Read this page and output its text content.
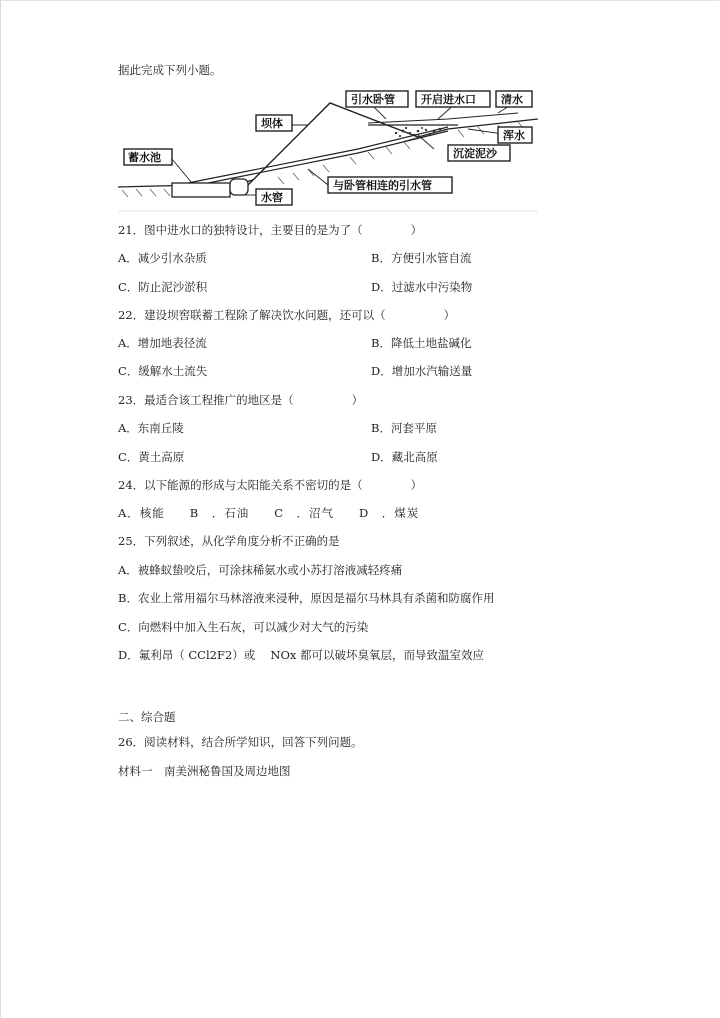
据此完成下列小题。
引水卧管 开启进水口 清水
坝体
浑水
蓄水池	沉淀泥沙
与卧管相连的引水管
水窖
21．图中进水口的独特设计，主要目的是为了（	）
A．减少引水杂质	B．方便引水管自流
C．防止泥沙淤积	D．过滤水中污染物
22．建设坝窖联蓄工程除了解决饮水问题，还可以（	）
A．增加地表径流	B．降低土地盐碱化
C．缓解水土流失	D．增加水汽输送量
23．最适合该工程推广的地区是（	）
A．东南丘陵	B．河套平原
C．黄土高原	D．藏北高原
24．以下能源的形成与太阳能关系不密切的是（	）
A．核能　　B　．石油　　C　．沼气　　D　．煤炭
25．下列叙述，从化学角度分析不正确的是
A．被蜂蚁蛰咬后，可涂抹稀氨水或小苏打溶液减轻疼痛
B．农业上常用福尔马林溶液来浸种，原因是福尔马林具有杀菌和防腐作用
C．向燃料中加入生石灰，可以减少对大气的污染
D．氟利昂（ CCl2F2）或　 NOx 都可以破坏臭氧层，而导致温室效应
二、综合题
26．阅读材料，结合所学知识，回答下列问题。
材料一　南美洲秘鲁国及周边地图
